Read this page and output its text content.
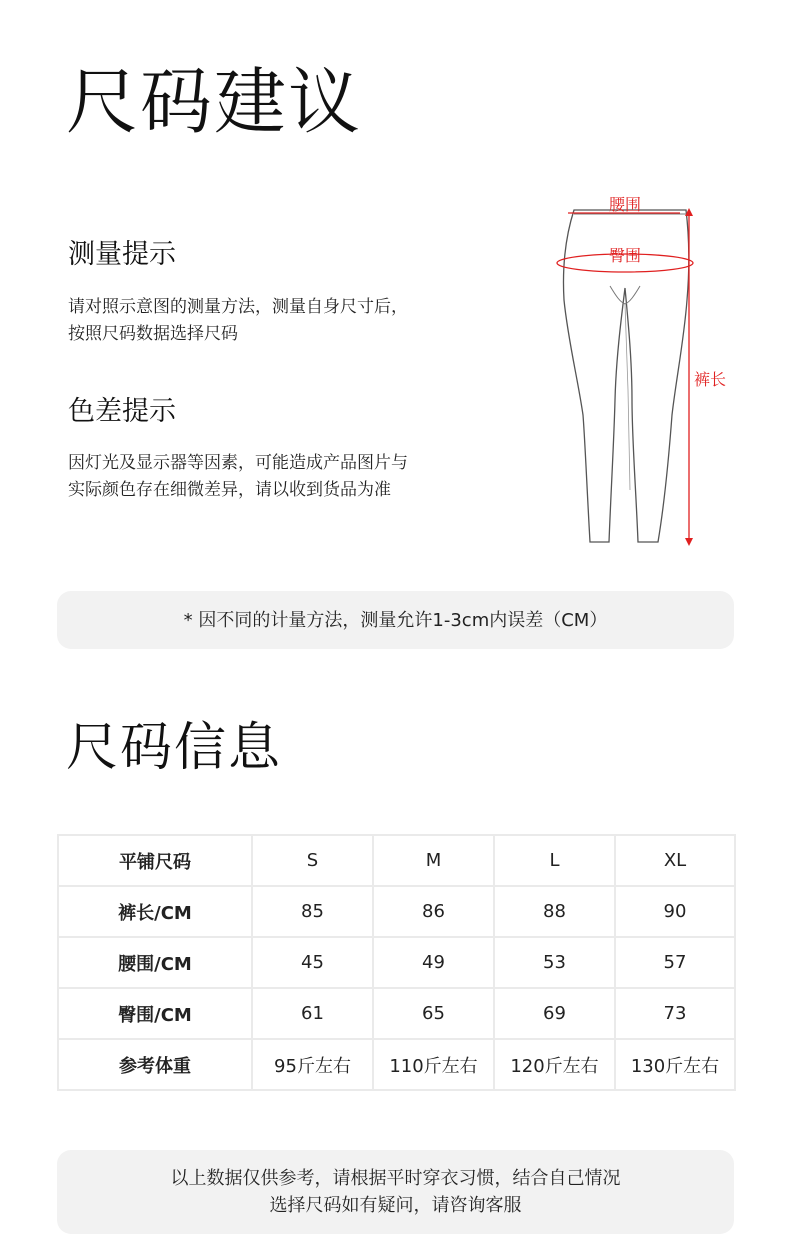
尺码建议
测量提示
请对照示意图的测量方法，测量自身尺寸后，
按照尺码数据选择尺码
色差提示
因灯光及显示器等因素，可能造成产品图片与
实际颜色存在细微差异，请以收到货品为准
腰围
臀围
裤长
* 因不同的计量方法，测量允许1-3cm内误差（CM）
尺码信息
平铺尺码	S	M	L	XL
裤长/CM	85	86	88	90
腰围/CM	45	49	53	57
臀围/CM	61	65	69	73
参考体重	95斤左右	110斤左右	120斤左右	130斤左右
以上数据仅供参考，请根据平时穿衣习惯，结合自己情况
选择尺码如有疑问，请咨询客服
